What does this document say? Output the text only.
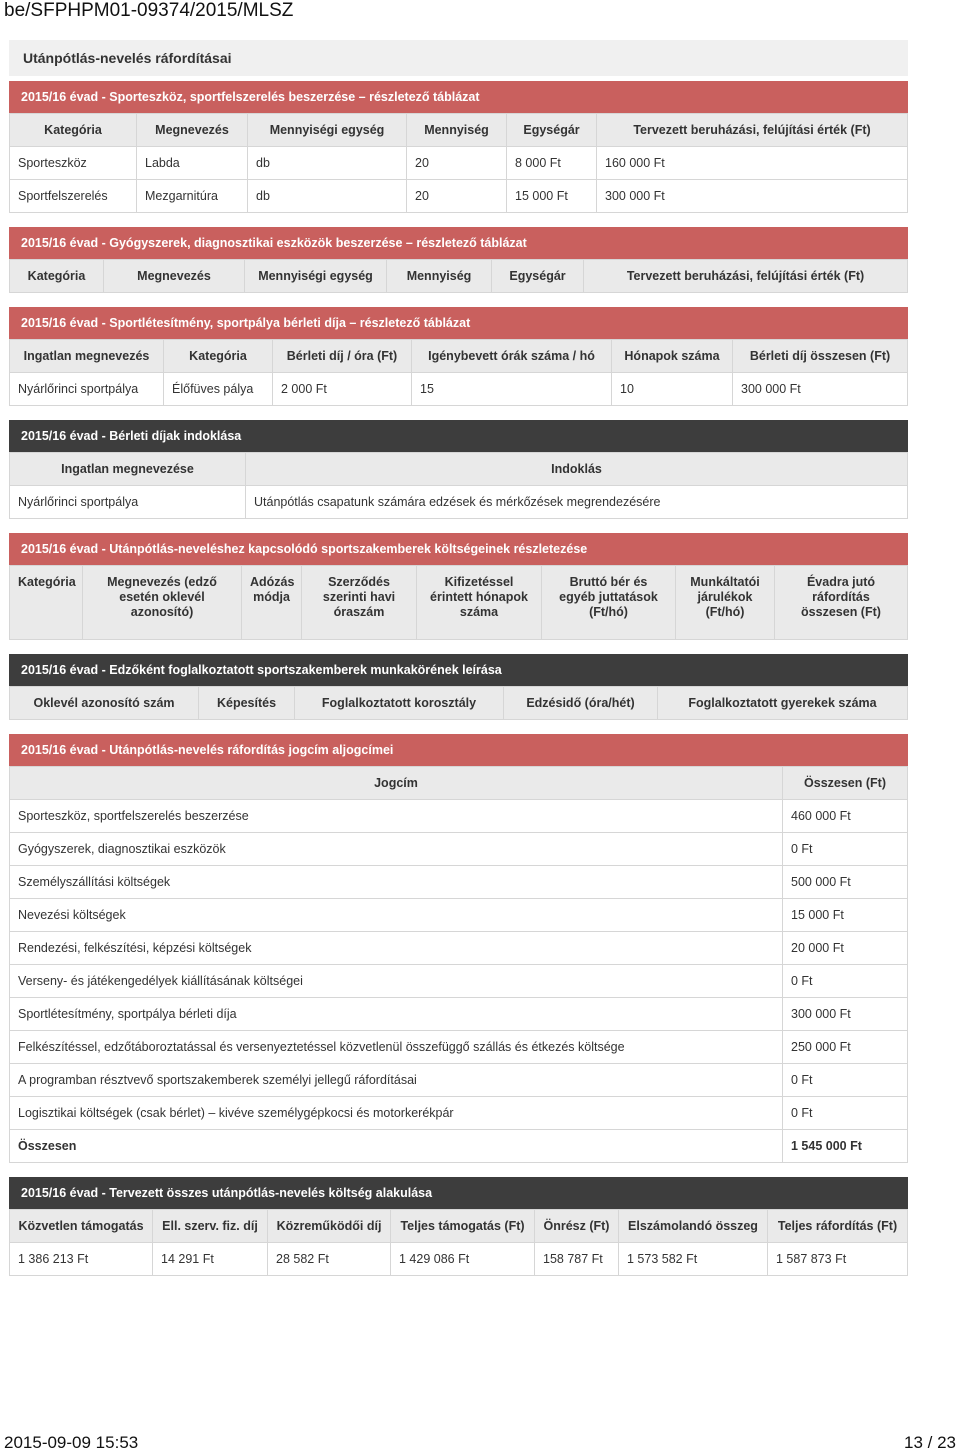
be/SFPHPM01-09374/2015/MLSZ
Utánpótlás-nevelés ráfordításai
2015/16 évad - Sporteszköz, sportfelszerelés beszerzése – részletező táblázat
Kategória	Megnevezés	Mennyiségi egység	Mennyiség	Egységár	Tervezett beruházási, felújítási érték (Ft)
Sporteszköz	Labda	db	20	8 000 Ft	160 000 Ft
Sportfelszerelés	Mezgarnitúra	db	20	15 000 Ft	300 000 Ft
2015/16 évad - Gyógyszerek, diagnosztikai eszközök beszerzése – részletező táblázat
Kategória	Megnevezés	Mennyiségi egység	Mennyiség	Egységár	Tervezett beruházási, felújítási érték (Ft)
2015/16 évad - Sportlétesítmény, sportpálya bérleti díja – részletező táblázat
Ingatlan megnevezés	Kategória	Bérleti díj / óra (Ft)	Igénybevett órák száma / hó	Hónapok száma	Bérleti díj összesen (Ft)
Nyárlőrinci sportpálya	Élőfüves pálya	2 000 Ft	15	10	300 000 Ft
2015/16 évad - Bérleti díjak indoklása
Ingatlan megnevezése	Indoklás
Nyárlőrinci sportpálya	Utánpótlás csapatunk számára edzések és mérkőzések megrendezésére
2015/16 évad - Utánpótlás-neveléshez kapcsolódó sportszakemberek költségeinek részletezése
Kategória	Megnevezés (edző esetén oklevél azonosító)	Adózás módja	Szerződés szerinti havi óraszám	Kifizetéssel érintett hónapok száma	Bruttó bér és egyéb juttatások (Ft/hó)	Munkáltatói járulékok (Ft/hó)	Évadra jutó ráfordítás összesen (Ft)
2015/16 évad - Edzőként foglalkoztatott sportszakemberek munkakörének leírása
Oklevél azonosító szám	Képesítés	Foglalkoztatott korosztály	Edzésidő (óra/hét)	Foglalkoztatott gyerekek száma
2015/16 évad - Utánpótlás-nevelés ráfordítás jogcím aljogcímei
Jogcím	Összesen (Ft)
Sporteszköz, sportfelszerelés beszerzése	460 000 Ft
Gyógyszerek, diagnosztikai eszközök	0 Ft
Személyszállítási költségek	500 000 Ft
Nevezési költségek	15 000 Ft
Rendezési, felkészítési, képzési költségek	20 000 Ft
Verseny- és játékengedélyek kiállításának költségei	0 Ft
Sportlétesítmény, sportpálya bérleti díja	300 000 Ft
Felkészítéssel, edzőtáboroztatással és versenyeztetéssel közvetlenül összefüggő szállás és étkezés költsége	250 000 Ft
A programban résztvevő sportszakemberek személyi jellegű ráfordításai	0 Ft
Logisztikai költségek (csak bérlet) – kivéve személygépkocsi és motorkerékpár	0 Ft
Összesen	1 545 000 Ft
2015/16 évad - Tervezett összes utánpótlás-nevelés költség alakulása
Közvetlen támogatás	Ell. szerv. fiz. díj	Közreműködői díj	Teljes támogatás (Ft)	Önrész (Ft)	Elszámolandó összeg	Teljes ráfordítás (Ft)
1 386 213 Ft	14 291 Ft	28 582 Ft	1 429 086 Ft	158 787 Ft	1 573 582 Ft	1 587 873 Ft
2015-09-09 15:53	13 / 23
